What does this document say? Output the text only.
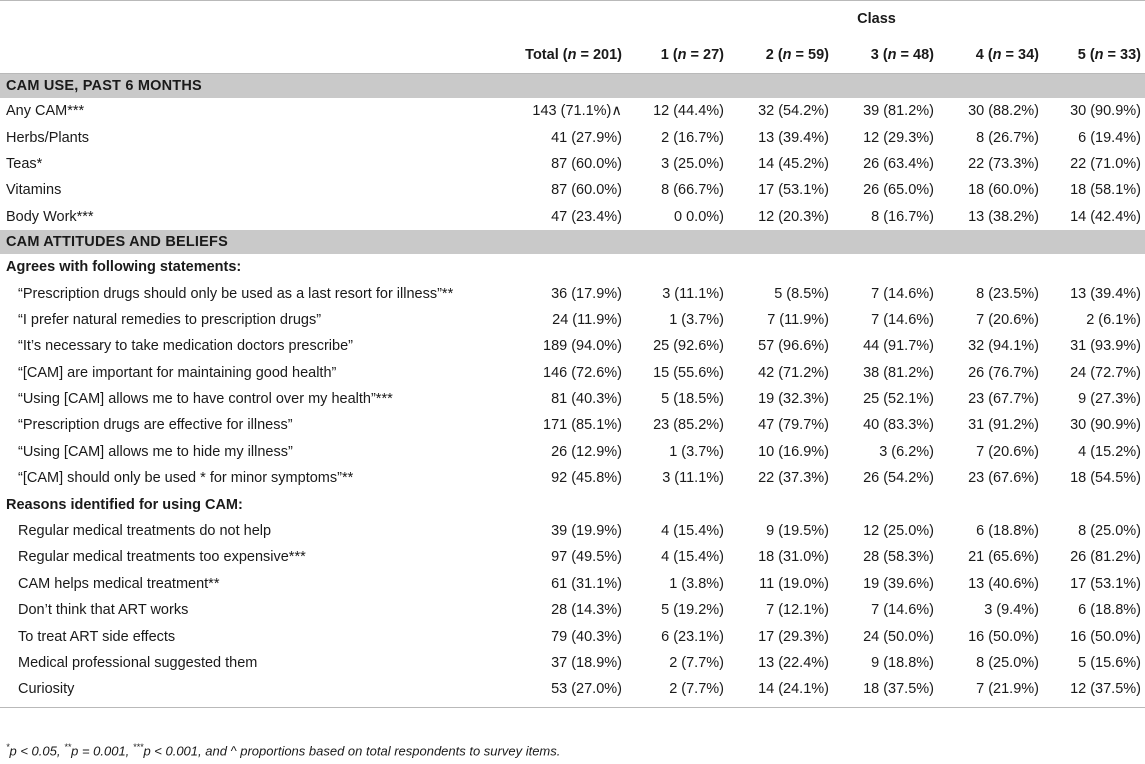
	Class					
	Total (n = 201)	1 (n = 27)	2 (n = 59)	3 (n = 48)	4 (n = 34)	5 (n = 33)
CAM USE, PAST 6 MONTHS						
Any CAM***	143 (71.1%)∧	12 (44.4%)	32 (54.2%)	39 (81.2%)	30 (88.2%)	30 (90.9%)
Herbs/Plants	41 (27.9%)	2 (16.7%)	13 (39.4%)	12 (29.3%)	8 (26.7%)	6 (19.4%)
Teas*	87 (60.0%)	3 (25.0%)	14 (45.2%)	26 (63.4%)	22 (73.3%)	22 (71.0%)
Vitamins	87 (60.0%)	8 (66.7%)	17 (53.1%)	26 (65.0%)	18 (60.0%)	18 (58.1%)
Body Work***	47 (23.4%)	0 0.0%)	12 (20.3%)	8 (16.7%)	13 (38.2%)	14 (42.4%)
CAM ATTITUDES AND BELIEFS						
Agrees with following statements:						
“Prescription drugs should only be used as a last resort for illness”**	36 (17.9%)	3 (11.1%)	5 (8.5%)	7 (14.6%)	8 (23.5%)	13 (39.4%)
“I prefer natural remedies to prescription drugs”	24 (11.9%)	1 (3.7%)	7 (11.9%)	7 (14.6%)	7 (20.6%)	2 (6.1%)
“It’s necessary to take medication doctors prescribe”	189 (94.0%)	25 (92.6%)	57 (96.6%)	44 (91.7%)	32 (94.1%)	31 (93.9%)
“[CAM] are important for maintaining good health”	146 (72.6%)	15 (55.6%)	42 (71.2%)	38 (81.2%)	26 (76.7%)	24 (72.7%)
“Using [CAM] allows me to have control over my health”***	81 (40.3%)	5 (18.5%)	19 (32.3%)	25 (52.1%)	23 (67.7%)	9 (27.3%)
“Prescription drugs are effective for illness”	171 (85.1%)	23 (85.2%)	47 (79.7%)	40 (83.3%)	31 (91.2%)	30 (90.9%)
“Using [CAM] allows me to hide my illness”	26 (12.9%)	1 (3.7%)	10 (16.9%)	3 (6.2%)	7 (20.6%)	4 (15.2%)
“[CAM] should only be used * for minor symptoms”**	92 (45.8%)	3 (11.1%)	22 (37.3%)	26 (54.2%)	23 (67.6%)	18 (54.5%)
Reasons identified for using CAM:						
Regular medical treatments do not help	39 (19.9%)	4 (15.4%)	9 (19.5%)	12 (25.0%)	6 (18.8%)	8 (25.0%)
Regular medical treatments too expensive***	97 (49.5%)	4 (15.4%)	18 (31.0%)	28 (58.3%)	21 (65.6%)	26 (81.2%)
CAM helps medical treatment**	61 (31.1%)	1 (3.8%)	11 (19.0%)	19 (39.6%)	13 (40.6%)	17 (53.1%)
Don’t think that ART works	28 (14.3%)	5 (19.2%)	7 (12.1%)	7 (14.6%)	3 (9.4%)	6 (18.8%)
To treat ART side effects	79 (40.3%)	6 (23.1%)	17 (29.3%)	24 (50.0%)	16 (50.0%)	16 (50.0%)
Medical professional suggested them	37 (18.9%)	2 (7.7%)	13 (22.4%)	9 (18.8%)	8 (25.0%)	5 (15.6%)
Curiosity	53 (27.0%)	2 (7.7%)	14 (24.1%)	18 (37.5%)	7 (21.9%)	12 (37.5%)

*p < 0.05, **p = 0.001, ***p < 0.001, and ^ proportions based on total respondents to survey items.
